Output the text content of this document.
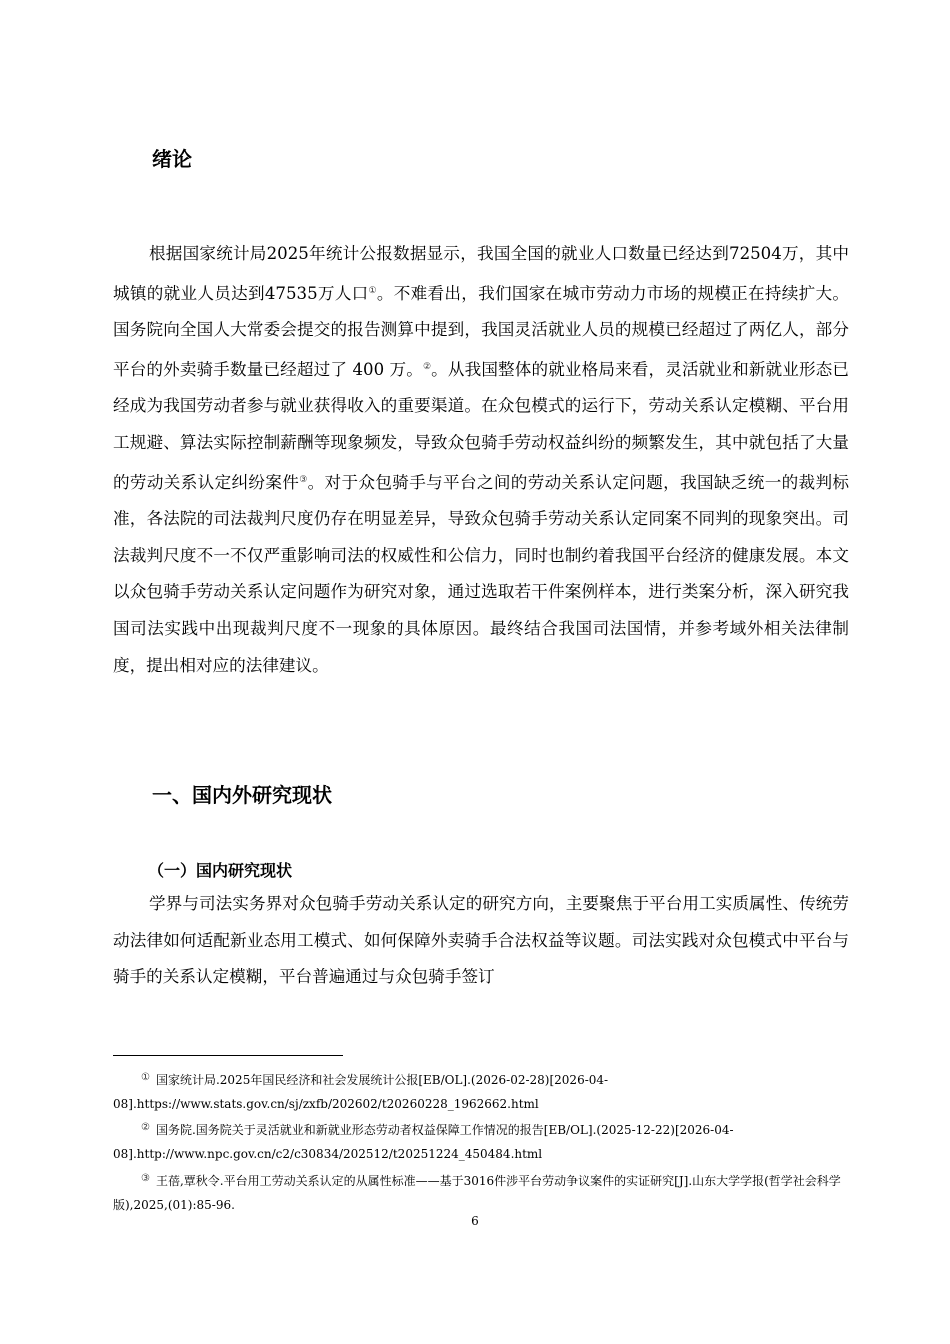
绪论

根据国家统计局2025年统计公报数据显示，我国全国的就业人口数量已经达到72504万，其中城镇的就业人员达到47535万人口①。不难看出，我们国家在城市劳动力市场的规模正在持续扩大。国务院向全国人大常委会提交的报告测算中提到，我国灵活就业人员的规模已经超过了两亿人，部分平台的外卖骑手数量已经超过了 400 万。②。从我国整体的就业格局来看，灵活就业和新就业形态已经成为我国劳动者参与就业获得收入的重要渠道。在众包模式的运行下，劳动关系认定模糊、平台用工规避、算法实际控制薪酬等现象频发，导致众包骑手劳动权益纠纷的频繁发生，其中就包括了大量的劳动关系认定纠纷案件③。对于众包骑手与平台之间的劳动关系认定问题，我国缺乏统一的裁判标准，各法院的司法裁判尺度仍存在明显差异，导致众包骑手劳动关系认定同案不同判的现象突出。司法裁判尺度不一不仅严重影响司法的权威性和公信力，同时也制约着我国平台经济的健康发展。本文以众包骑手劳动关系认定问题作为研究对象，通过选取若干件案例样本，进行类案分析，深入研究我国司法实践中出现裁判尺度不一现象的具体原因。最终结合我国司法国情，并参考域外相关法律制度，提出相对应的法律建议。

一、国内外研究现状
（一）国内研究现状

学界与司法实务界对众包骑手劳动关系认定的研究方向，主要聚焦于平台用工实质属性、传统劳动法律如何适配新业态用工模式、如何保障外卖骑手合法权益等议题。司法实践对众包模式中平台与骑手的关系认定模糊，平台普遍通过与众包骑手签订

① 国家统计局.2025年国民经济和社会发展统计公报[EB/OL].(2026-02-28)[2026-04-08].https://www.stats.gov.cn/sj/zxfb/202602/t20260228_1962662.html

② 国务院.国务院关于灵活就业和新就业形态劳动者权益保障工作情况的报告[EB/OL].(2025-12-22)[2026-04-08].http://www.npc.gov.cn/c2/c30834/202512/t20251224_450484.html

③ 王蓓,覃秋令.平台用工劳动关系认定的从属性标准——基于3016件涉平台劳动争议案件的实证研究[J].山东大学学报(哲学社会科学版),2025,(01):85-96.

6
